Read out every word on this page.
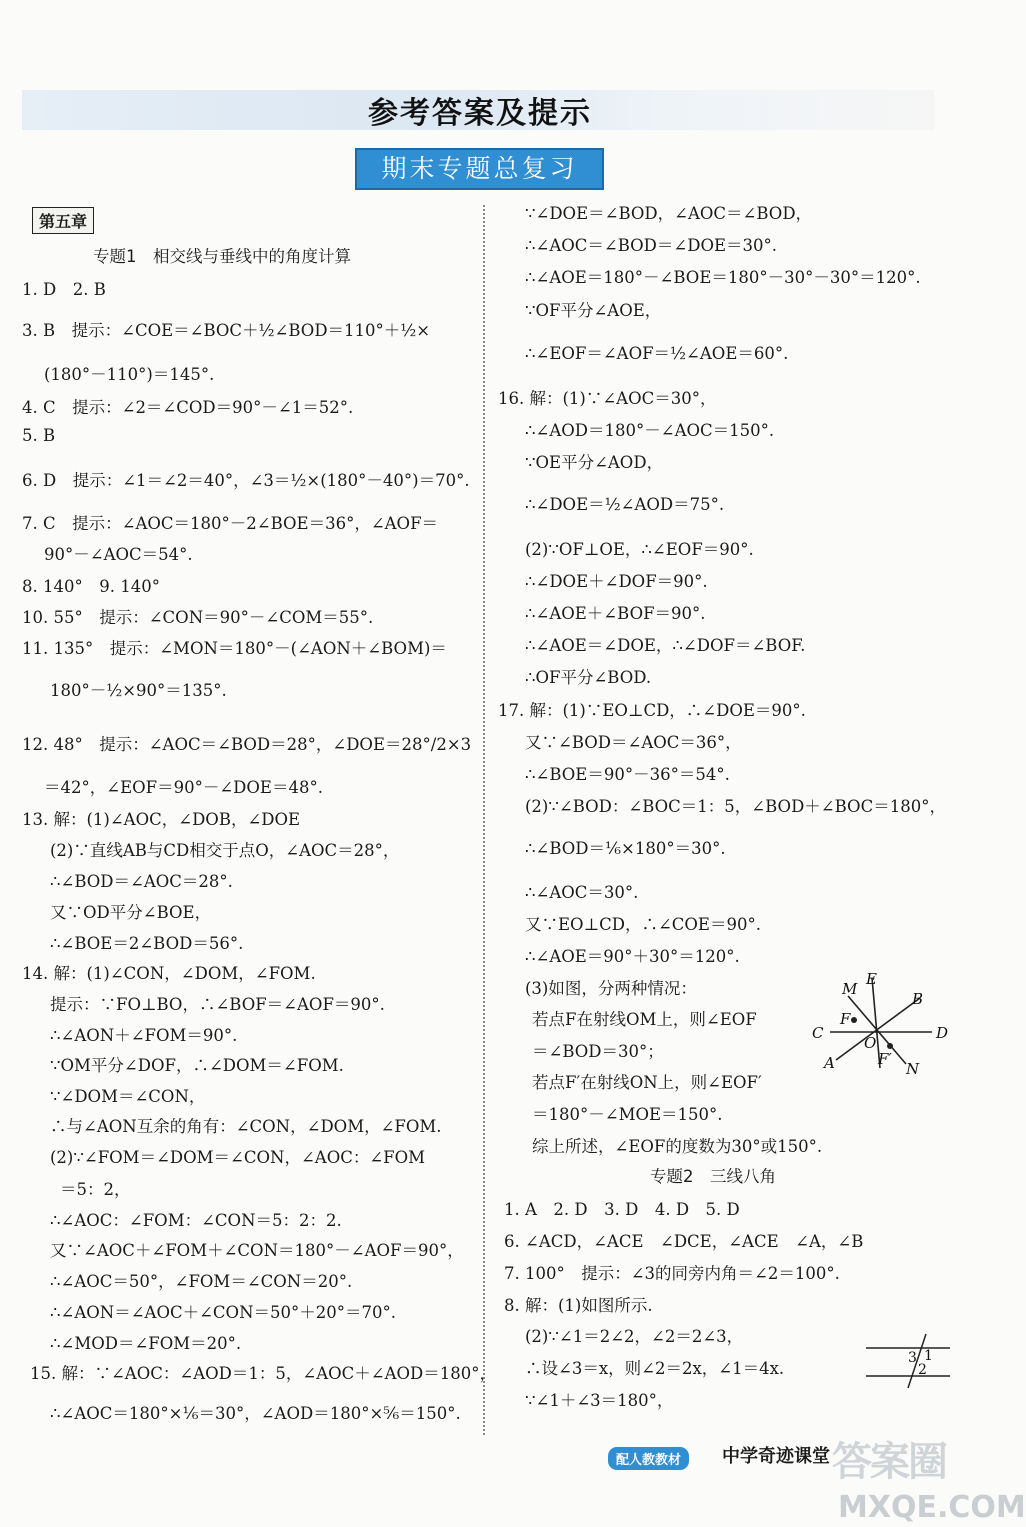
参考答案及提示
期末专题总复习
第五章
专题1　相交线与垂线中的角度计算
1. D　2. B
3. B　提示：∠COE＝∠BOC＋½∠BOD＝110°＋½×
(180°－110°)＝145°.
4. C　提示：∠2＝∠COD＝90°－∠1＝52°.
5. B
6. D　提示：∠1＝∠2＝40°，∠3＝½×(180°－40°)＝70°.
7. C　提示：∠AOC＝180°－2∠BOE＝36°，∠AOF＝
90°－∠AOC＝54°.
8. 140°　9. 140°
10. 55°　提示：∠CON＝90°－∠COM＝55°.
11. 135°　提示：∠MON＝180°－(∠AON＋∠BOM)＝
180°－½×90°＝135°.
12. 48°　提示：∠AOC＝∠BOD＝28°，∠DOE＝28°/2×3
＝42°，∠EOF＝90°－∠DOE＝48°.
13. 解：(1)∠AOC，∠DOB，∠DOE
(2)∵直线AB与CD相交于点O，∠AOC＝28°，
∴∠BOD＝∠AOC＝28°.
又∵OD平分∠BOE，
∴∠BOE＝2∠BOD＝56°.
14. 解：(1)∠CON，∠DOM，∠FOM.
提示：∵FO⊥BO，∴∠BOF＝∠AOF＝90°.
∴∠AON＋∠FOM＝90°.
∵OM平分∠DOF，∴∠DOM＝∠FOM.
∵∠DOM＝∠CON，
∴与∠AON互余的角有：∠CON，∠DOM，∠FOM.
(2)∵∠FOM＝∠DOM＝∠CON，∠AOC：∠FOM
＝5：2，
∴∠AOC：∠FOM：∠CON＝5：2：2.
又∵∠AOC＋∠FOM＋∠CON＝180°－∠AOF＝90°，
∴∠AOC＝50°，∠FOM＝∠CON＝20°.
∴∠AON＝∠AOC＋∠CON＝50°＋20°＝70°.
∴∠MOD＝∠FOM＝20°.
15. 解：∵∠AOC：∠AOD＝1：5，∠AOC＋∠AOD＝180°，
∴∠AOC＝180°×⅙＝30°，∠AOD＝180°×⅚＝150°.
∵∠DOE＝∠BOD，∠AOC＝∠BOD，
∴∠AOC＝∠BOD＝∠DOE＝30°.
∴∠AOE＝180°－∠BOE＝180°－30°－30°＝120°.
∵OF平分∠AOE，
∴∠EOF＝∠AOF＝½∠AOE＝60°.
16. 解：(1)∵∠AOC＝30°，
∴∠AOD＝180°－∠AOC＝150°.
∵OE平分∠AOD，
∴∠DOE＝½∠AOD＝75°.
(2)∵OF⊥OE，∴∠EOF＝90°.
∴∠DOE＋∠DOF＝90°.
∴∠AOE＋∠BOF＝90°.
∴∠AOE＝∠DOE，∴∠DOF＝∠BOF.
∴OF平分∠BOD.
17. 解：(1)∵EO⊥CD，∴∠DOE＝90°.
又∵∠BOD＝∠AOC＝36°，
∴∠BOE＝90°－36°＝54°.
(2)∵∠BOD：∠BOC＝1：5，∠BOD＋∠BOC＝180°，
∴∠BOD＝⅙×180°＝30°.
∴∠AOC＝30°.
又∵EO⊥CD，∴∠COE＝90°.
∴∠AOE＝90°＋30°＝120°.
(3)如图，分两种情况：
若点F在射线OM上，则∠EOF
＝∠BOD＝30°；
若点F′在射线ON上，则∠EOF′
＝180°－∠MOE＝150°.
综上所述，∠EOF的度数为30°或150°.
专题2　三线八角
1. A　2. D　3. D　4. D　5. D
6. ∠ACD，∠ACE　∠DCE，∠ACE　∠A，∠B
7. 100°　提示：∠3的同旁内角＝∠2＝100°.
8. 解：(1)如图所示.
(2)∵∠1＝2∠2，∠2＝2∠3，
∴设∠3＝x，则∠2＝2x，∠1＝4x.
∵∠1＋∠3＝180°，
M
E
B
C
F
D
O
A	F′
N
3 1
2
配人教教材	中学奇迹课堂 答案圈
MXQE.COM
